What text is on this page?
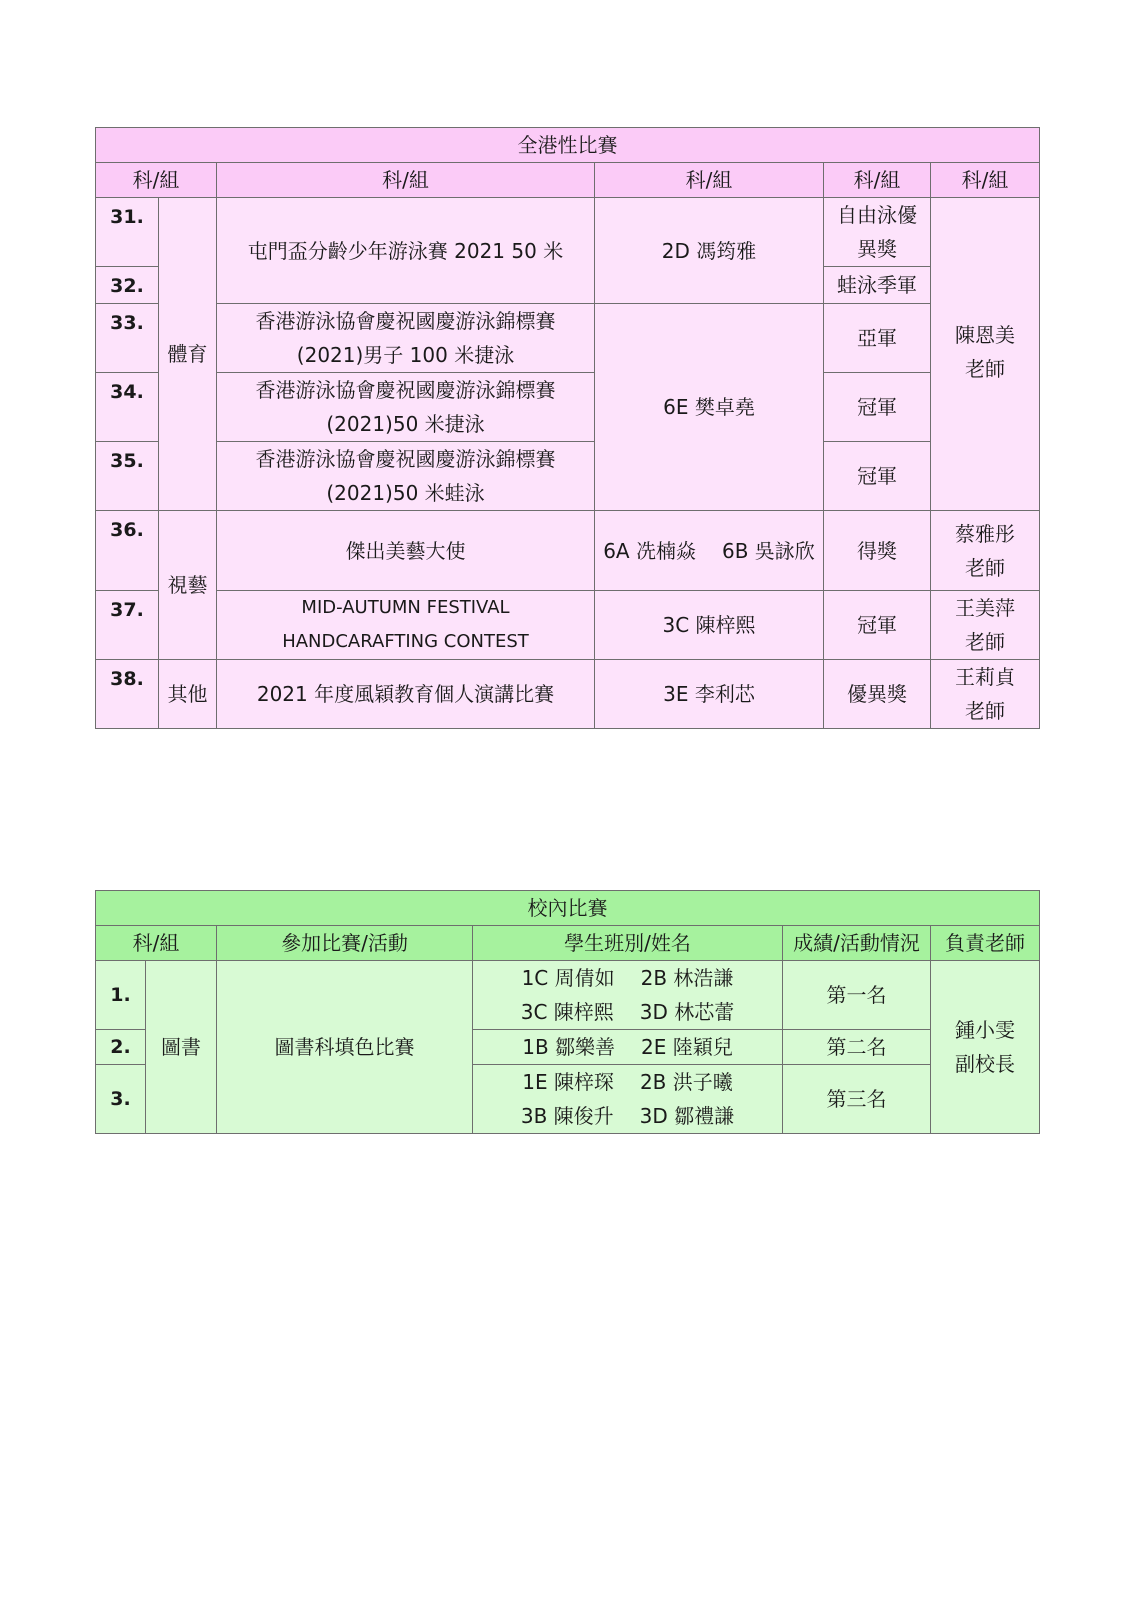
全港性比賽					
科/組		科/組	科/組	科/組	科/組
31.	體育	屯門盃分齡少年游泳賽 2021 50 米	2D 馮筠雅	自由泳優
異獎	陳恩美
老師

32.				蛙泳季軍	
33.		香港游泳協會慶祝國慶游泳錦標賽
(2021)男子 100 米捷泳	6E 樊卓堯	亞軍	
34.		香港游泳協會慶祝國慶游泳錦標賽
(2021)50 米捷泳		冠軍	
35.		香港游泳協會慶祝國慶游泳錦標賽
(2021)50 米蛙泳		冠軍	
36.	視藝	傑出美藝大使	6A 冼楠焱 6B 吳詠欣	得獎	蔡雅彤
老師

37.		MID-AUTUMN FESTIVAL
HANDCARAFTING CONTEST	3C 陳梓熙	冠軍	王美萍
老師

38.	其他	2021 年度風穎教育個人演講比賽	3E 李利芯	優異獎	王莉貞
老師
校內比賽					
科/組		參加比賽/活動	學生班別/姓名	成績/活動情況	負責老師
1.	圖書	圖書科填色比賽	1C 周倩如 2B 林浩謙
3C 陳梓熙 3D 林芯蕾	第一名	鍾小雯
副校長

2.			1B 鄒樂善 2E 陸穎兒	第二名	
3.			1E 陳梓琛 2B 洪子曦
3B 陳俊升 3D 鄒禮謙	第三名	
